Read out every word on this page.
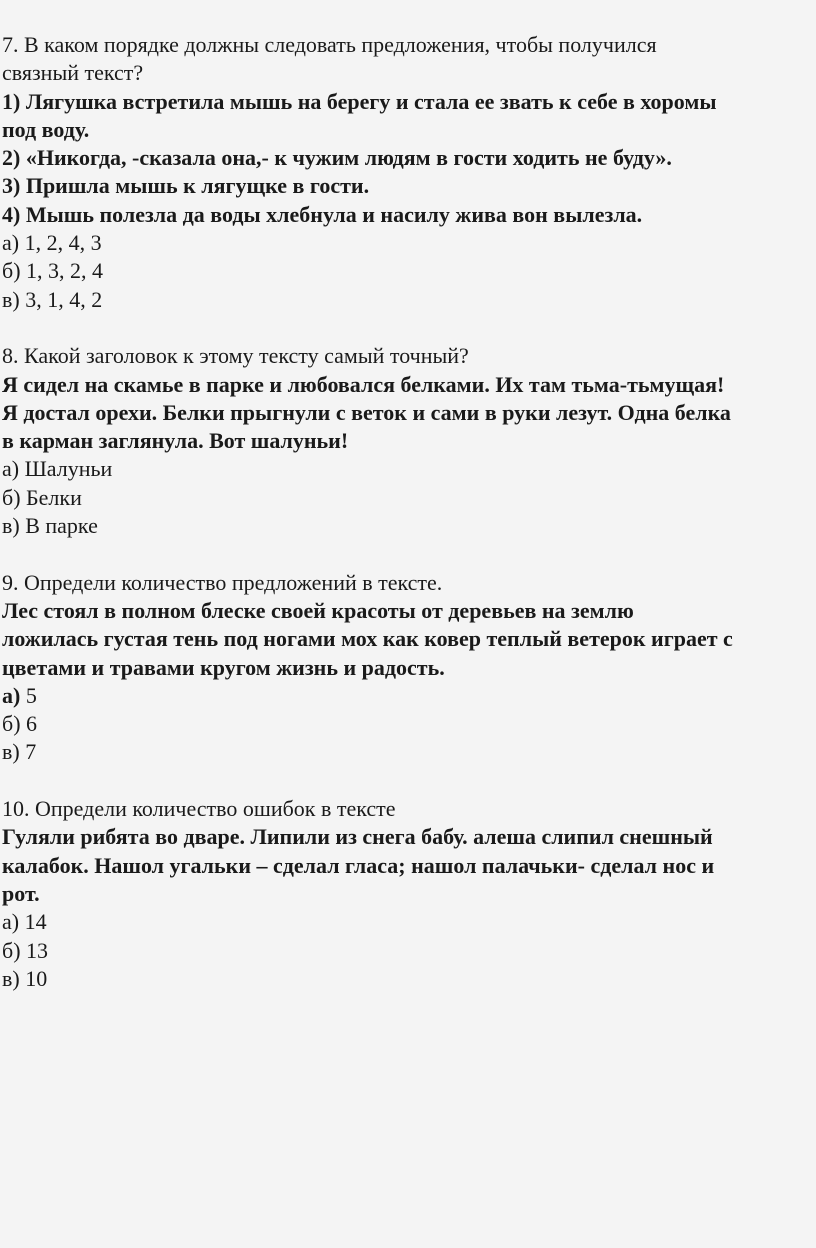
7. В каком порядке должны следовать предложения, чтобы получился
связный текст?
1) Лягушка встретила мышь на берегу и стала ее звать к себе в хоромы
под воду.
2) «Никогда, -сказала она,- к чужим людям в гости ходить не буду».
3) Пришла мышь к лягущке в гости.
4) Мышь полезла да воды хлебнула и насилу жива вон вылезла.
а) 1, 2, 4, 3
б) 1, 3, 2, 4
в) 3, 1, 4, 2
8. Какой заголовок к этому тексту самый точный?
Я сидел на скамье в парке и любовался белками. Их там тьма-тьмущая!
Я достал орехи. Белки прыгнули с веток и сами в руки лезут. Одна белка
в карман заглянула. Вот шалуньи!
а) Шалуньи
б) Белки
в) В парке
9. Определи количество предложений в тексте.
Лес стоял в полном блеске своей красоты от деревьев на землю
ложилась густая тень под ногами мох как ковер теплый ветерок играет с
цветами и травами кругом жизнь и радость.
а) 5
б) 6
в) 7
10. Определи количество ошибок в тексте
Гуляли рибята во дваре. Липили из снега бабу. алеша слипил снешный
калабок. Нашол угальки – сделал гласа; нашол палачьки- сделал нос и
рот.
а) 14
б) 13
в) 10
